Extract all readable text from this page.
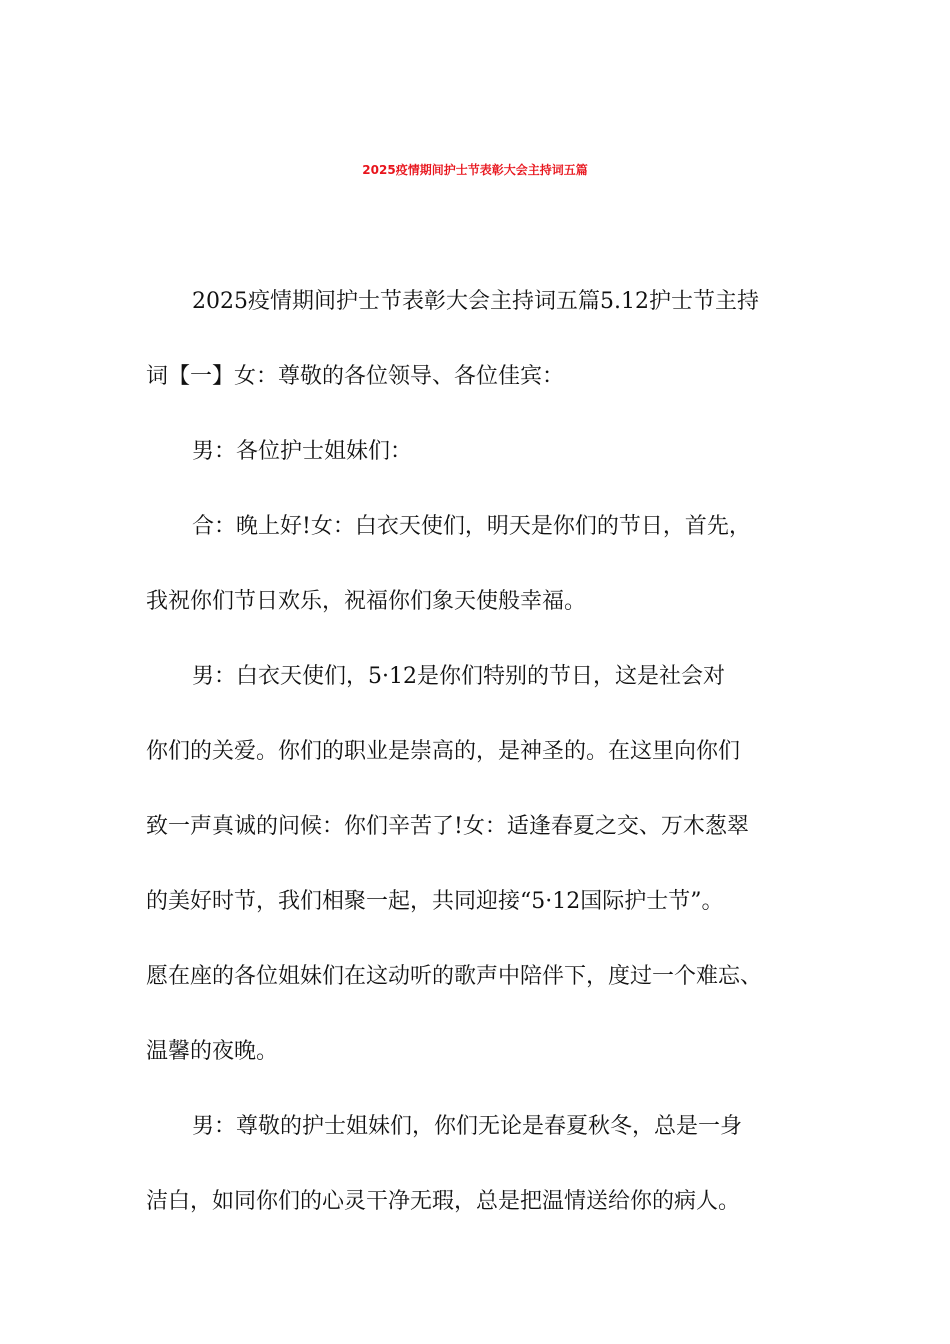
2025疫情期间护士节表彰大会主持词五篇
2025疫情期间护士节表彰大会主持词五篇5.12护士节主持
词【一】女：尊敬的各位领导、各位佳宾：
男：各位护士姐妹们：
合：晚上好!女：白衣天使们，明天是你们的节日，首先，
我祝你们节日欢乐，祝福你们象天使般幸福。
男：白衣天使们，5·12是你们特别的节日，这是社会对
你们的关爱。你们的职业是崇高的，是神圣的。在这里向你们
致一声真诚的问候：你们辛苦了!女：适逢春夏之交、万木葱翠
的美好时节，我们相聚一起，共同迎接“5·12国际护士节”。
愿在座的各位姐妹们在这动听的歌声中陪伴下，度过一个难忘、
温馨的夜晚。
男：尊敬的护士姐妹们，你们无论是春夏秋冬，总是一身
洁白，如同你们的心灵干净无瑕，总是把温情送给你的病人。
